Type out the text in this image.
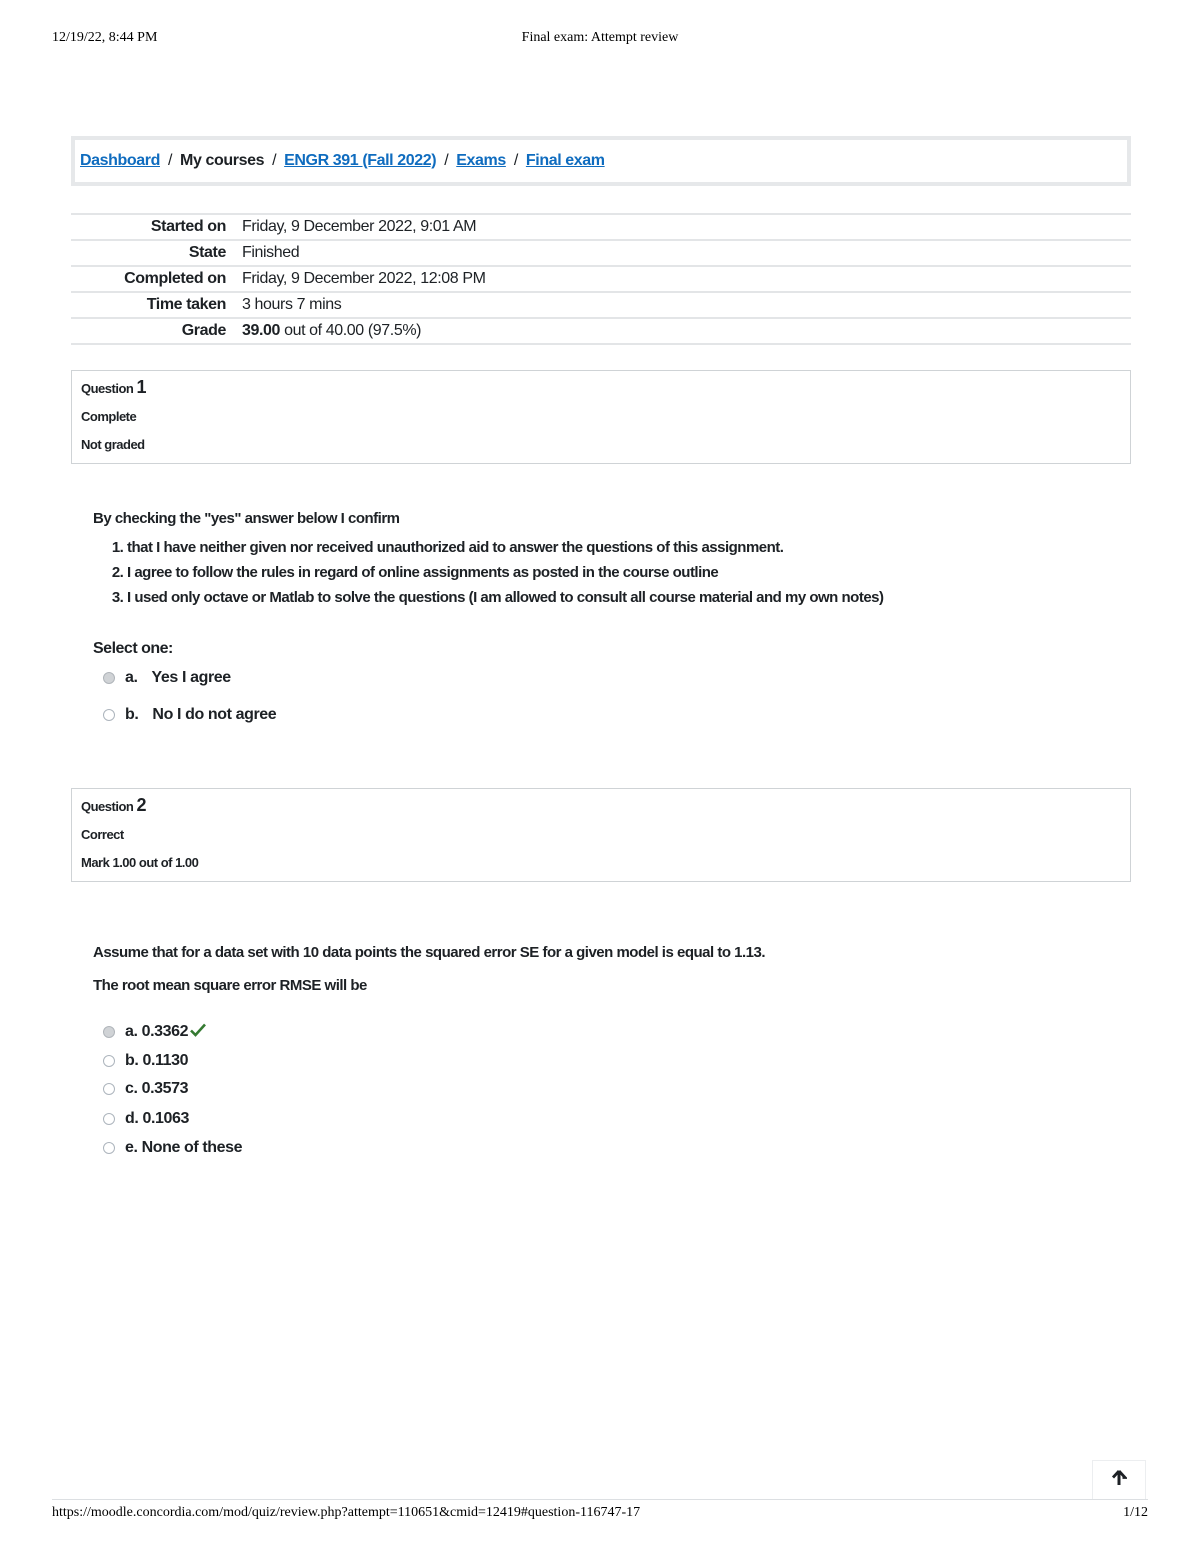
12/19/22, 8:44 PM	Final exam: Attempt review
Dashboard / My courses / ENGR 391 (Fall 2022) / Exams / Final exam
Started on	Friday, 9 December 2022, 9:01 AM
State	Finished
Completed on	Friday, 9 December 2022, 12:08 PM
Time taken	3 hours 7 mins
Grade	39.00 out of 40.00 (97.5%)
Question 1
Complete
Not graded
By checking the "yes" answer below I confirm
1. that I have neither given nor received unauthorized aid to answer the questions of this assignment.
2. I agree to follow the rules in regard of online assignments as posted in the course outline
3. I used only octave or Matlab to solve the questions (I am allowed to consult all course material and my own notes)
Select one:
a. Yes I agree
b. No I do not agree
Question 2
Correct
Mark 1.00 out of 1.00
Assume that for a data set with 10 data points the squared error SE for a given model is equal to 1.13.
The root mean square error RMSE will be
a. 0.3362
b. 0.1130
c. 0.3573
d. 0.1063
e. None of these
https://moodle.concordia.com/mod/quiz/review.php?attempt=110651&cmid=12419#question-116747-17	1/12
